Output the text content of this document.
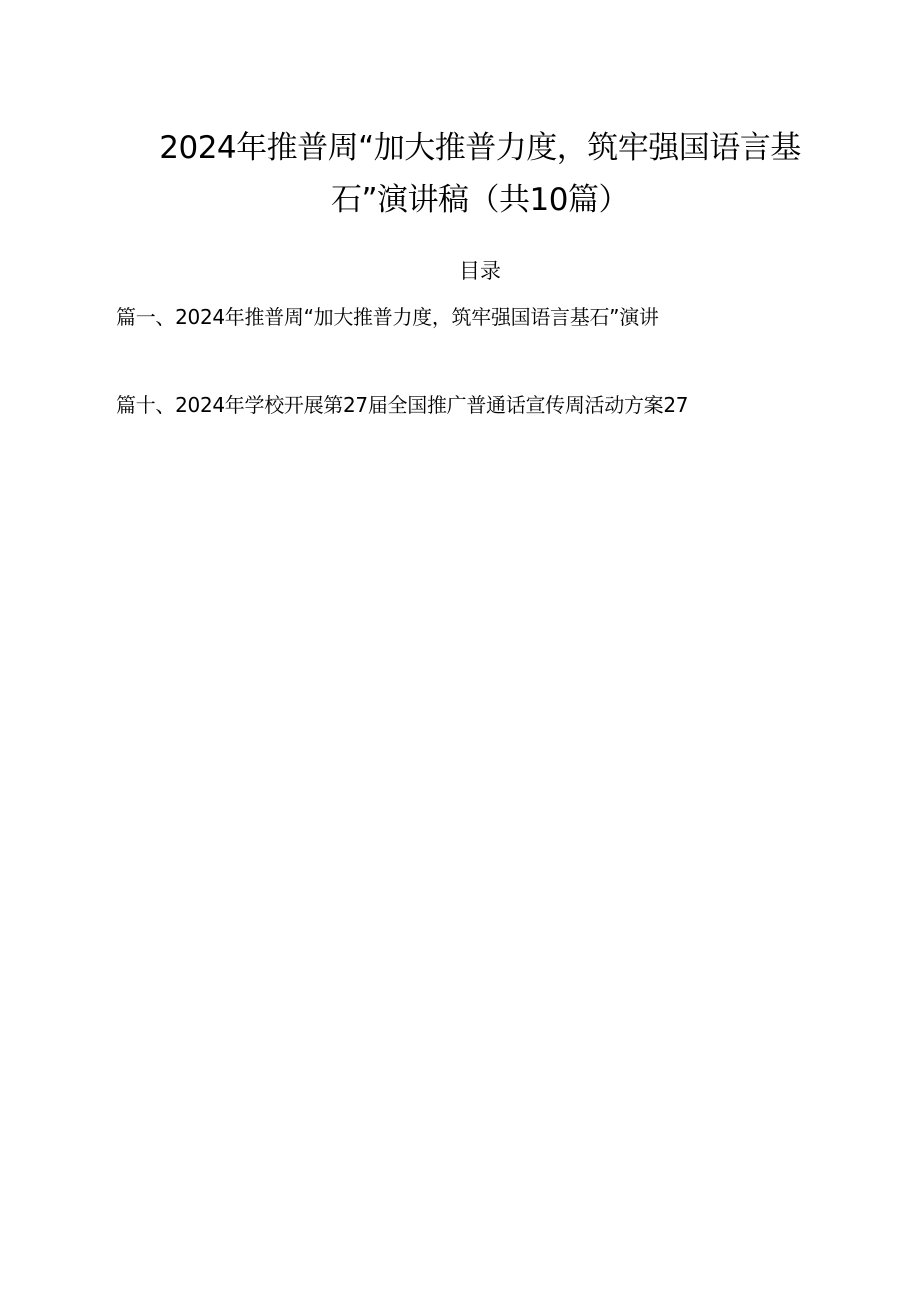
2024年推普周“加大推普力度，筑牢强国语言基
石”演讲稿（共10篇）
目录
篇一、2024年推普周“加大推普力度，筑牢强国语言基石”演讲
篇十、2024年学校开展第27届全国推广普通话宣传周活动方案27
